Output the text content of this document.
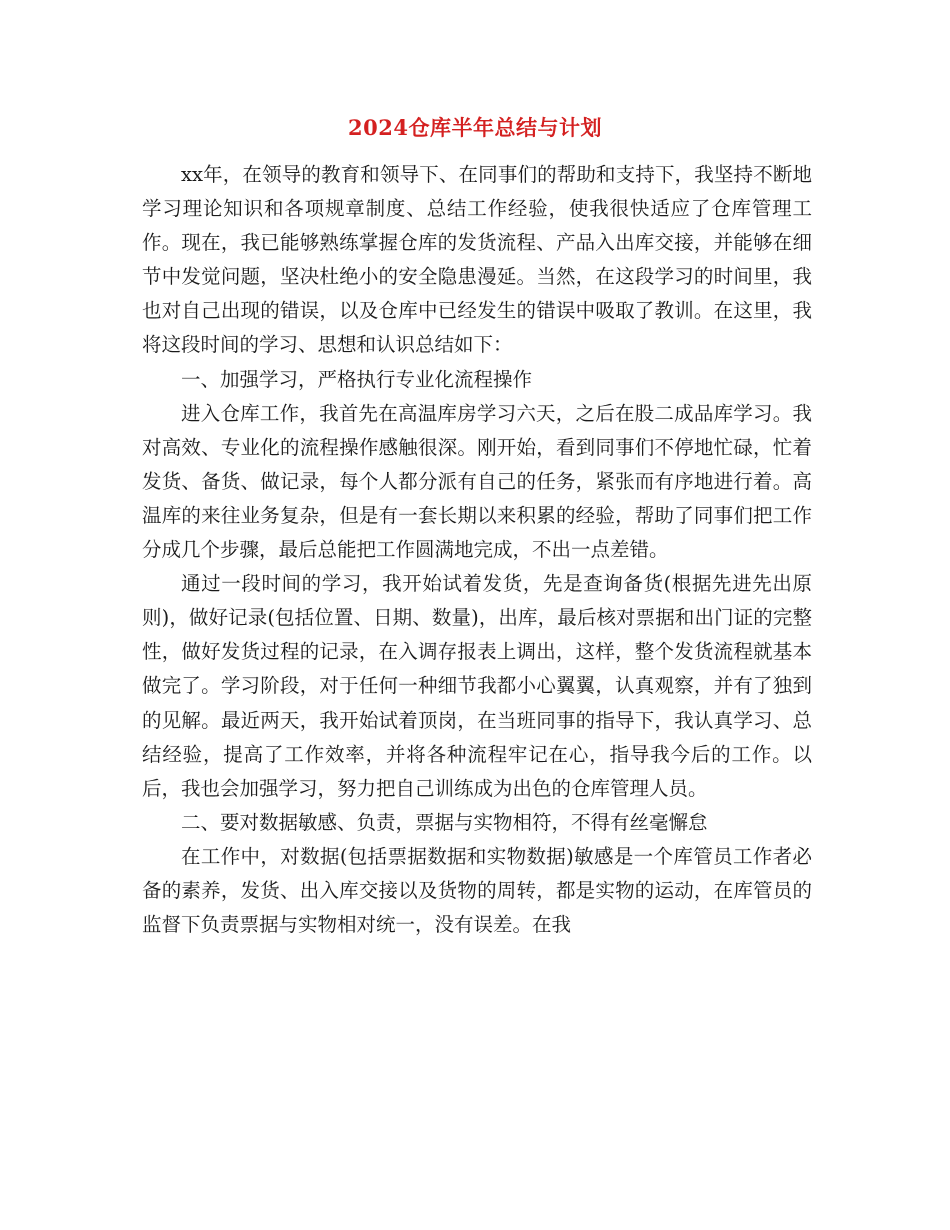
2024仓库半年总结与计划

xx年，在领导的教育和领导下、在同事们的帮助和支持下，我坚持不断地学习理论知识和各项规章制度、总结工作经验，使我很快适应了仓库管理工作。现在，我已能够熟练掌握仓库的发货流程、产品入出库交接，并能够在细节中发觉问题，坚决杜绝小的安全隐患漫延。当然，在这段学习的时间里，我也对自己出现的错误，以及仓库中已经发生的错误中吸取了教训。在这里，我将这段时间的学习、思想和认识总结如下：

一、加强学习，严格执行专业化流程操作

进入仓库工作，我首先在高温库房学习六天，之后在股二成品库学习。我对高效、专业化的流程操作感触很深。刚开始，看到同事们不停地忙碌，忙着发货、备货、做记录，每个人都分派有自己的任务，紧张而有序地进行着。高温库的来往业务复杂，但是有一套长期以来积累的经验，帮助了同事们把工作分成几个步骤，最后总能把工作圆满地完成，不出一点差错。

通过一段时间的学习，我开始试着发货，先是查询备货(根据先进先出原则)，做好记录(包括位置、日期、数量)，出库，最后核对票据和出门证的完整性，做好发货过程的记录，在入调存报表上调出，这样，整个发货流程就基本做完了。学习阶段，对于任何一种细节我都小心翼翼，认真观察，并有了独到的见解。最近两天，我开始试着顶岗，在当班同事的指导下，我认真学习、总结经验，提高了工作效率，并将各种流程牢记在心，指导我今后的工作。以后，我也会加强学习，努力把自己训练成为出色的仓库管理人员。

二、要对数据敏感、负责，票据与实物相符，不得有丝毫懈怠

在工作中，对数据(包括票据数据和实物数据)敏感是一个库管员工作者必备的素养，发货、出入库交接以及货物的周转，都是实物的运动，在库管员的监督下负责票据与实物相对统一，没有误差。在我
